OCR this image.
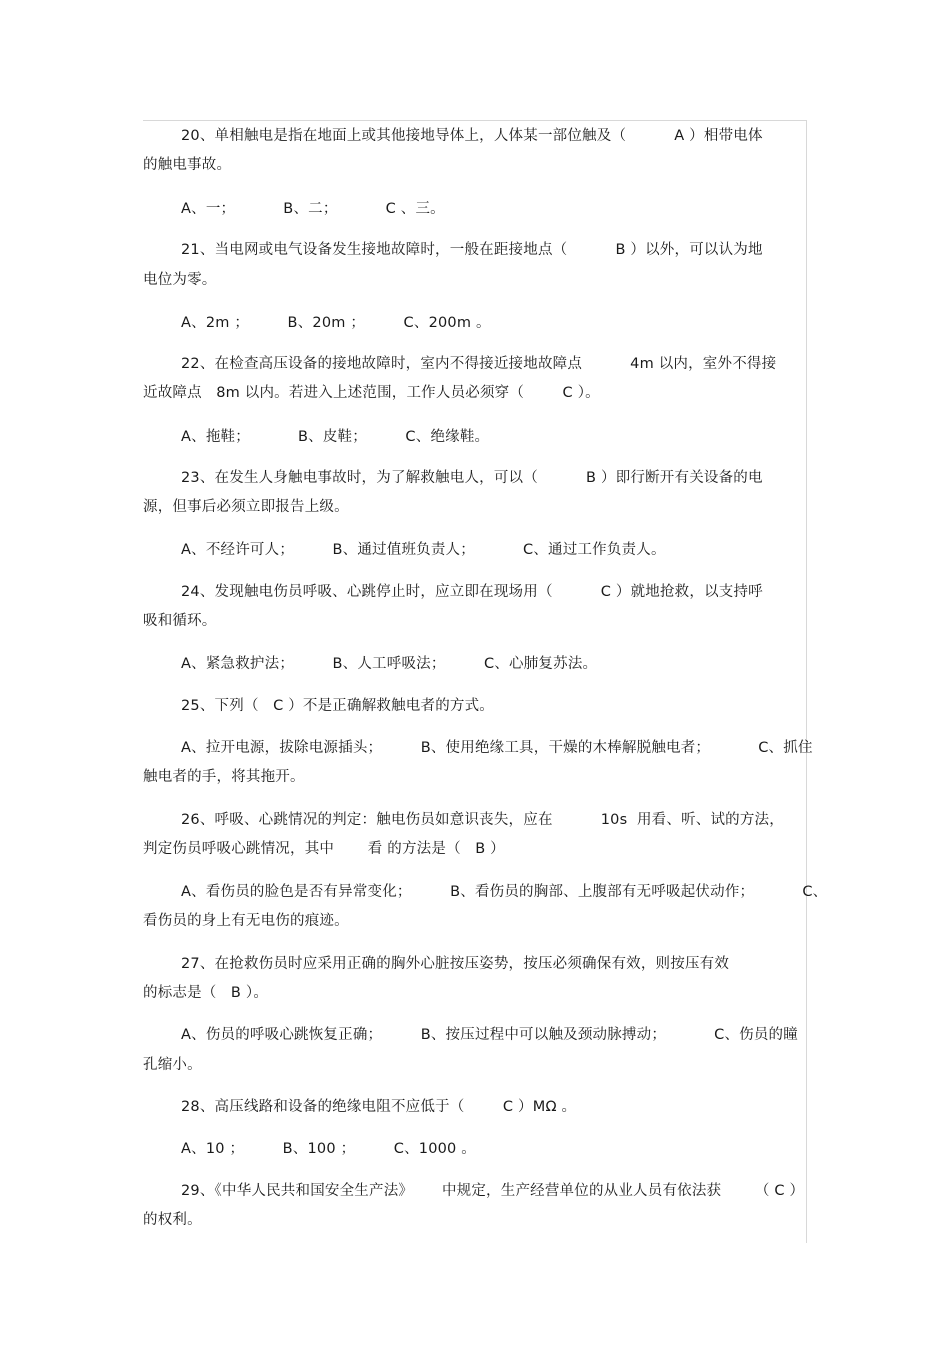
20、单相触电是指在地面上或其他接地导体上，人体某一部位触及（          A ）相带电体
的触电事故。
A、一；          B、二；          C 、三。
21、当电网或电气设备发生接地故障时，一般在距接地点（          B ）以外，可以认为地
电位为零。
A、2m ；        B、20m ；        C、200m 。
22、在检查高压设备的接地故障时，室内不得接近接地故障点          4m 以内，室外不得接
近故障点   8m 以内。若进入上述范围，工作人员必须穿（        C ）。
A、拖鞋；          B、皮鞋；        C、绝缘鞋。
23、在发生人身触电事故时，为了解救触电人，可以（          B ）即行断开有关设备的电
源，但事后必须立即报告上级。
A、不经许可人；        B、通过值班负责人；          C、通过工作负责人。
24、发现触电伤员呼吸、心跳停止时，应立即在现场用（          C ）就地抢救，以支持呼
吸和循环。
A、紧急救护法；        B、人工呼吸法；        C、心肺复苏法。
25、下列（   C ）不是正确解救触电者的方式。
A、拉开电源，拔除电源插头；        B、使用绝缘工具，干燥的木棒解脱触电者；          C、抓住
触电者的手，将其拖开。
26、呼吸、心跳情况的判定：触电伤员如意识丧失，应在          10s  用看、听、试的方法，
判定伤员呼吸心跳情况，其中       看 的方法是（   B ）
A、看伤员的脸色是否有异常变化；        B、看伤员的胸部、上腹部有无呼吸起伏动作；          C、
看伤员的身上有无电伤的痕迹。
27、在抢救伤员时应采用正确的胸外心脏按压姿势，按压必须确保有效，则按压有效
的标志是（   B ）。
A、伤员的呼吸心跳恢复正确；        B、按压过程中可以触及颈动脉搏动；          C、伤员的瞳
孔缩小。
28、高压线路和设备的绝缘电阻不应低于（        C ）MΩ 。
A、10 ；        B、100 ；        C、1000 。
29、《中华人民共和国安全生产法》      中规定，生产经营单位的从业人员有依法获       （ C ）
的权利。
